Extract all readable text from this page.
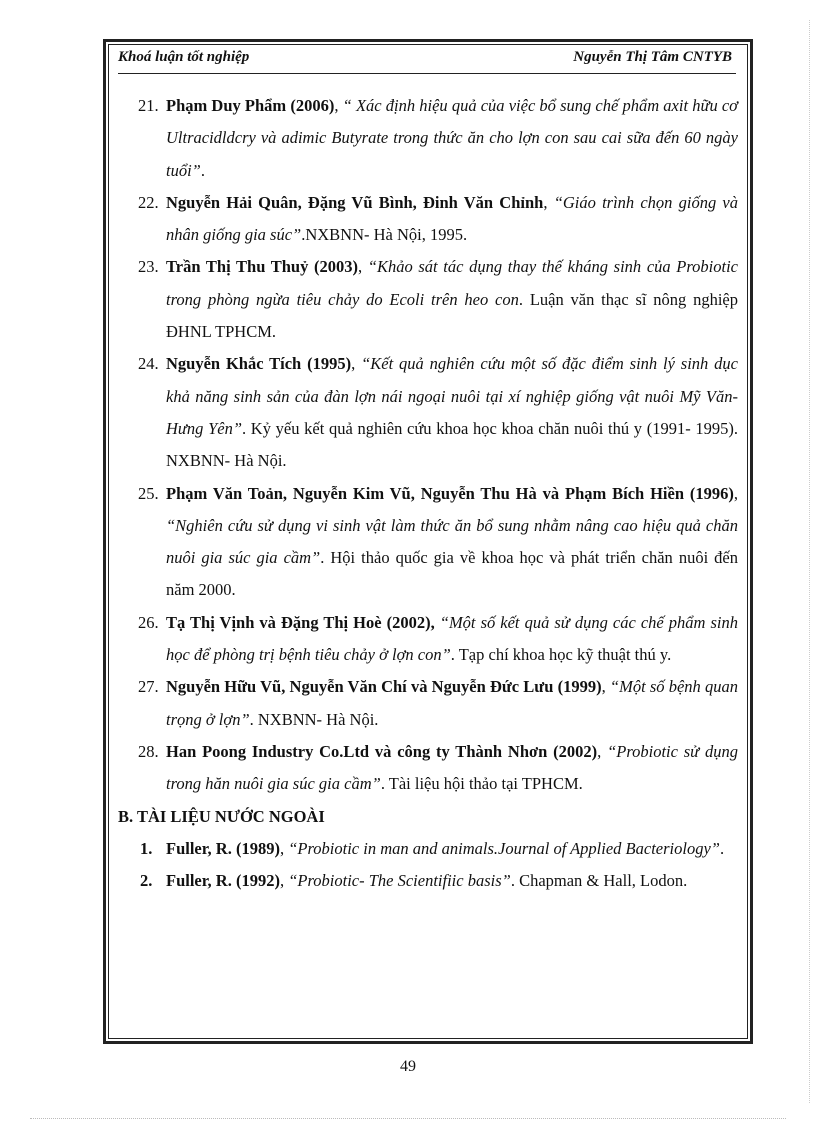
Khoá luận tốt nghiệp	Nguyễn Thị Tâm CNTYB
21. Phạm Duy Phẩm (2006), “ Xác định hiệu quả của việc bổ sung chế phẩm axit hữu cơ Ultracidldcry và adimic Butyrate trong thức ăn cho lợn con sau cai sữa đến 60 ngày tuổi”.
22. Nguyễn Hải Quân, Đặng Vũ Bình, Đinh Văn Chỉnh, “Giáo trình chọn giống và nhân giống gia súc”.NXBNN- Hà Nội, 1995.
23. Trần Thị Thu Thuỷ (2003), “Khảo sát tác dụng thay thế kháng sinh của Probiotic trong phòng ngừa tiêu chảy do Ecoli trên heo con. Luận văn thạc sĩ nông nghiệp ĐHNL TPHCM.
24. Nguyễn Khắc Tích (1995), “Kết quả nghiên cứu một số đặc điểm sinh lý sinh dục khả năng sinh sản của đàn lợn nái ngoại nuôi tại xí nghiệp giống vật nuôi Mỹ Văn- Hưng Yên”. Kỷ yếu kết quả nghiên cứu khoa học khoa chăn nuôi thú y (1991- 1995). NXBNN- Hà Nội.
25. Phạm Văn Toản, Nguyễn Kim Vũ, Nguyễn Thu Hà và Phạm Bích Hiền (1996), “Nghiên cứu sử dụng vi sinh vật làm thức ăn bổ sung nhằm nâng cao hiệu quả chăn nuôi gia súc gia cầm”. Hội thảo quốc gia về khoa học và phát triển chăn nuôi đến năm 2000.
26. Tạ Thị Vịnh và Đặng Thị Hoè (2002), “Một số kết quả sử dụng các chế phẩm sinh học để phòng trị bệnh tiêu chảy ở lợn con”. Tạp chí khoa học kỹ thuật thú y.
27. Nguyễn Hữu Vũ, Nguyễn Văn Chí và Nguyễn Đức Lưu (1999), “Một số bệnh quan trọng ở lợn”. NXBNN- Hà Nội.
28. Han Poong Industry Co.Ltd và công ty Thành Nhơn (2002), “Probiotic sử dụng trong hăn nuôi gia súc gia cầm”. Tài liệu hội thảo tại TPHCM.
B. TÀI LIỆU NƯỚC NGOÀI
1. Fuller, R. (1989), “Probiotic in man and animals.Journal of Applied Bacteriology”.
2. Fuller, R. (1992), “Probiotic- The Scientifiic basis”. Chapman & Hall, Lodon.
49
